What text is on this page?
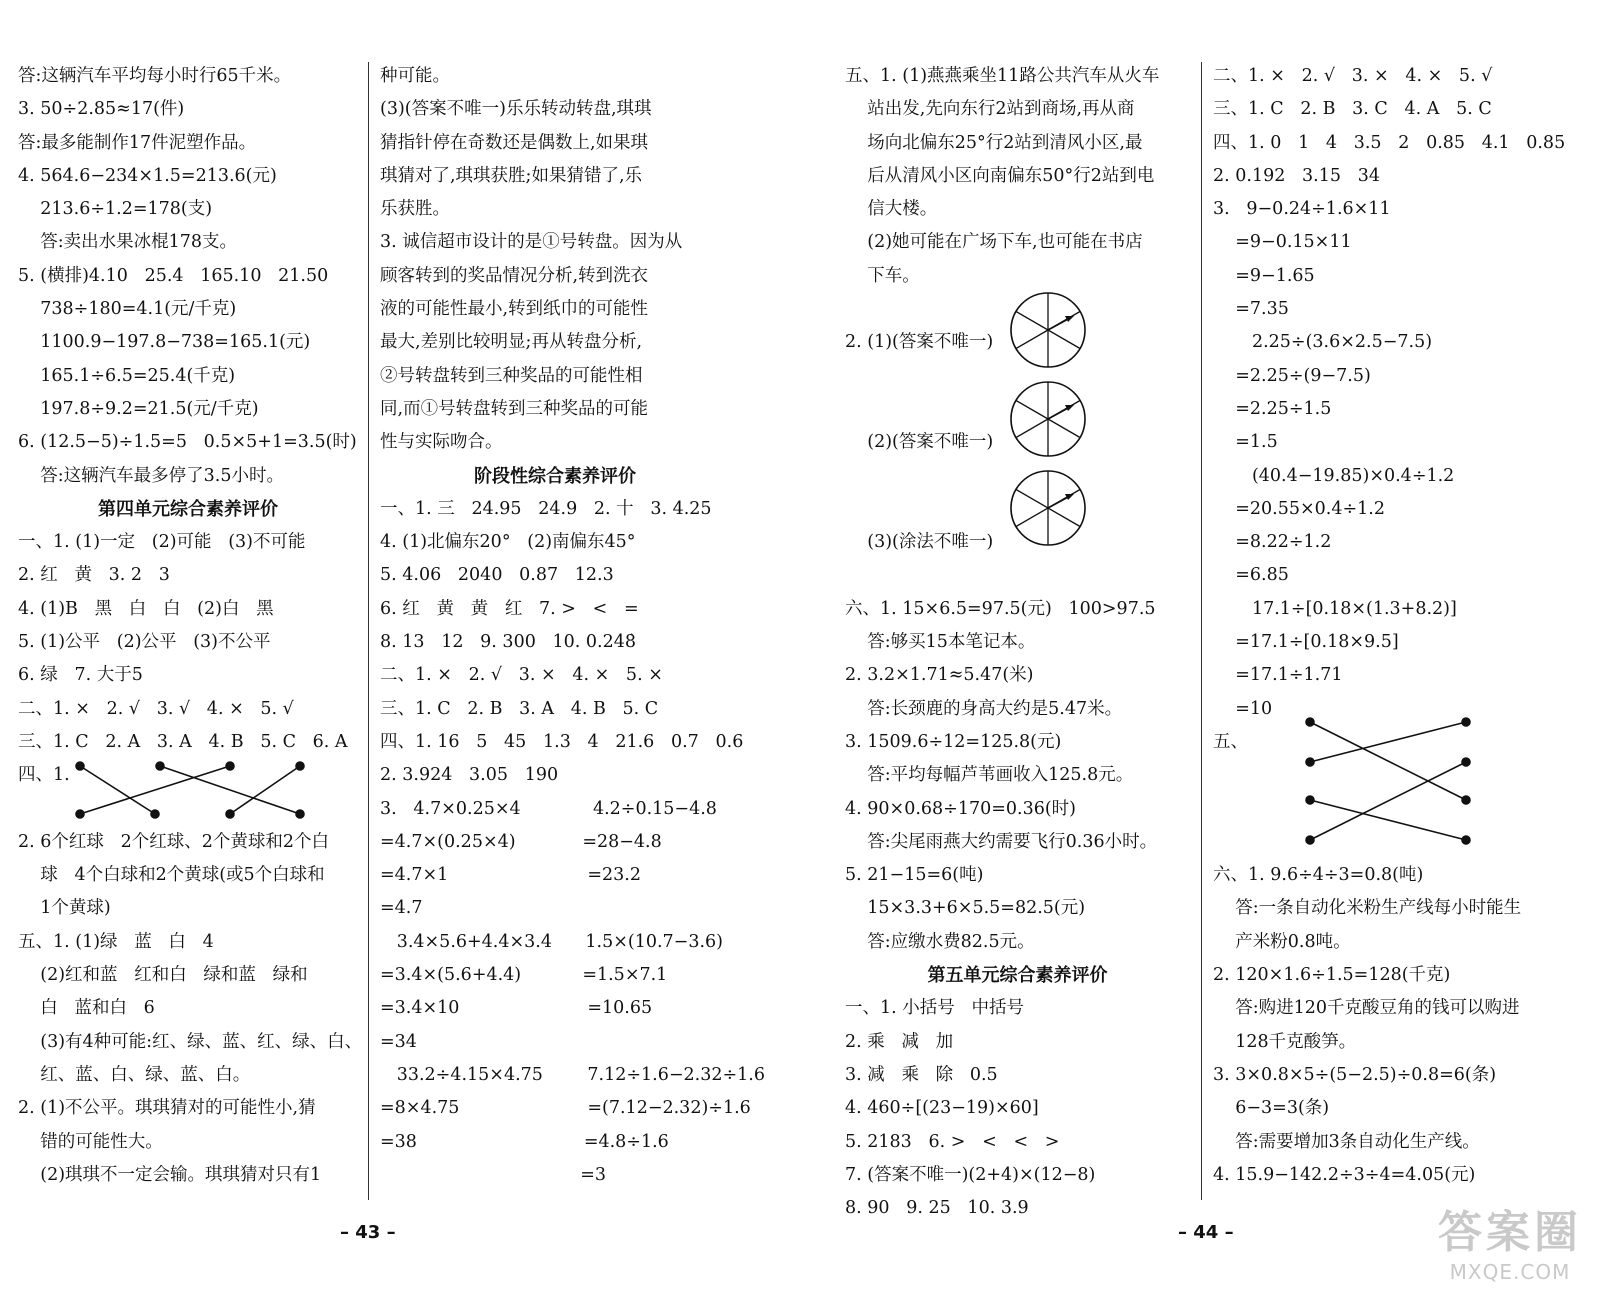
答:这辆汽车平均每小时行65千米。
3. 50÷2.85≈17(件)
答:最多能制作17件泥塑作品。
4. 564.6−234×1.5=213.6(元)
213.6÷1.2=178(支)
答:卖出水果冰棍178支。
5. (横排)4.10   25.4   165.10   21.50
738÷180=4.1(元/千克)
1100.9−197.8−738=165.1(元)
165.1÷6.5=25.4(千克)
197.8÷9.2=21.5(元/千克)
6. (12.5−5)÷1.5=5   0.5×5+1=3.5(时)
答:这辆汽车最多停了3.5小时。
第四单元综合素养评价
一、1. (1)一定   (2)可能   (3)不可能
2. 红   黄   3. 2   3
4. (1)B   黑   白   白   (2)白   黑
5. (1)公平   (2)公平   (3)不公平
6. 绿   7. 大于5
二、1. ×   2. √   3. √   4. ×   5. √
三、1. C   2. A   3. A   4. B   5. C   6. A
四、1.
2. 6个红球   2个红球、2个黄球和2个白
球   4个白球和2个黄球(或5个白球和
1个黄球)
五、1. (1)绿   蓝   白   4
(2)红和蓝   红和白   绿和蓝   绿和
白   蓝和白   6
(3)有4种可能:红、绿、蓝、红、绿、白、
红、蓝、白、绿、蓝、白。
2. (1)不公平。琪琪猜对的可能性小,猜
错的可能性大。
(2)琪琪不一定会输。琪琪猜对只有1
种可能。
(3)(答案不唯一)乐乐转动转盘,琪琪
猜指针停在奇数还是偶数上,如果琪
琪猜对了,琪琪获胜;如果猜错了,乐
乐获胜。
3. 诚信超市设计的是①号转盘。因为从
顾客转到的奖品情况分析,转到洗衣
液的可能性最小,转到纸巾的可能性
最大,差别比较明显;再从转盘分析,
②号转盘转到三种奖品的可能性相
同,而①号转盘转到三种奖品的可能
性与实际吻合。
阶段性综合素养评价
一、1. 三   24.95   24.9   2. 十   3. 4.25
4. (1)北偏东20°   (2)南偏东45°
5. 4.06   2040   0.87   12.3
6. 红   黄   黄   红   7. >   <   =
8. 13   12   9. 300   10. 0.248̇
二、1. ×   2. √   3. ×   4. ×   5. ×
三、1. C   2. B   3. A   4. B   5. C
四、1. 16   5   45   1.3   4   21.6   0.7   0.6
2. 3.924   3.05   190
3.   4.7×0.25×4             4.2÷0.15−4.8
=4.7×(0.25×4)            =28−4.8
=4.7×1                         =23.2
=4.7
3.4×5.6+4.4×3.4      1.5×(10.7−3.6)
=3.4×(5.6+4.4)           =1.5×7.1
=3.4×10                       =10.65
=34
33.2÷4.15×4.75        7.12÷1.6−2.32÷1.6
=8×4.75                       =(7.12−2.32)÷1.6
=38                              =4.8÷1.6
=3
五、1. (1)燕燕乘坐11路公共汽车从火车
站出发,先向东行2站到商场,再从商
场向北偏东25°行2站到清风小区,最
后从清风小区向南偏东50°行2站到电
信大楼。
(2)她可能在广场下车,也可能在书店
下车。
2. (1)(答案不唯一)
(2)(答案不唯一)
(3)(涂法不唯一)
六、1. 15×6.5=97.5(元)   100>97.5
答:够买15本笔记本。
2. 3.2×1.71≈5.47(米)
答:长颈鹿的身高大约是5.47米。
3. 1509.6÷12=125.8(元)
答:平均每幅芦苇画收入125.8元。
4. 90×0.68÷170=0.36(时)
答:尖尾雨燕大约需要飞行0.36小时。
5. 21−15=6(吨)
15×3.3+6×5.5=82.5(元)
答:应缴水费82.5元。
第五单元综合素养评价
一、1. 小括号   中括号
2. 乘   减   加
3. 减   乘   除   0.5
4. 460÷[(23−19)×60]
5. 2183   6. >   <   <   >
7. (答案不唯一)(2+4)×(12−8)
8. 90   9. 25   10. 3.9
二、1. ×   2. √   3. ×   4. ×   5. √
三、1. C   2. B   3. C   4. A   5. C
四、1. 0   1   4   3.5   2   0.85   4.1   0.85
2. 0.192   3.15   34
3.   9−0.24÷1.6×11
=9−0.15×11
=9−1.65
=7.35
2.25÷(3.6×2.5−7.5)
=2.25÷(9−7.5)
=2.25÷1.5
=1.5
(40.4−19.85)×0.4÷1.2
=20.55×0.4÷1.2
=8.22÷1.2
=6.85
17.1÷[0.18×(1.3+8.2)]
=17.1÷[0.18×9.5]
=17.1÷1.71
=10
五、
六、1. 9.6÷4÷3=0.8(吨)
答:一条自动化米粉生产线每小时能生
产米粉0.8吨。
2. 120×1.6÷1.5=128(千克)
答:购进120千克酸豆角的钱可以购进
128千克酸笋。
3. 3×0.8×5÷(5−2.5)÷0.8=6(条)
6−3=3(条)
答:需要增加3条自动化生产线。
4. 15.9−142.2÷3÷4=4.05(元)
– 43 –	– 44 –	答案圈
MXQE.COM
